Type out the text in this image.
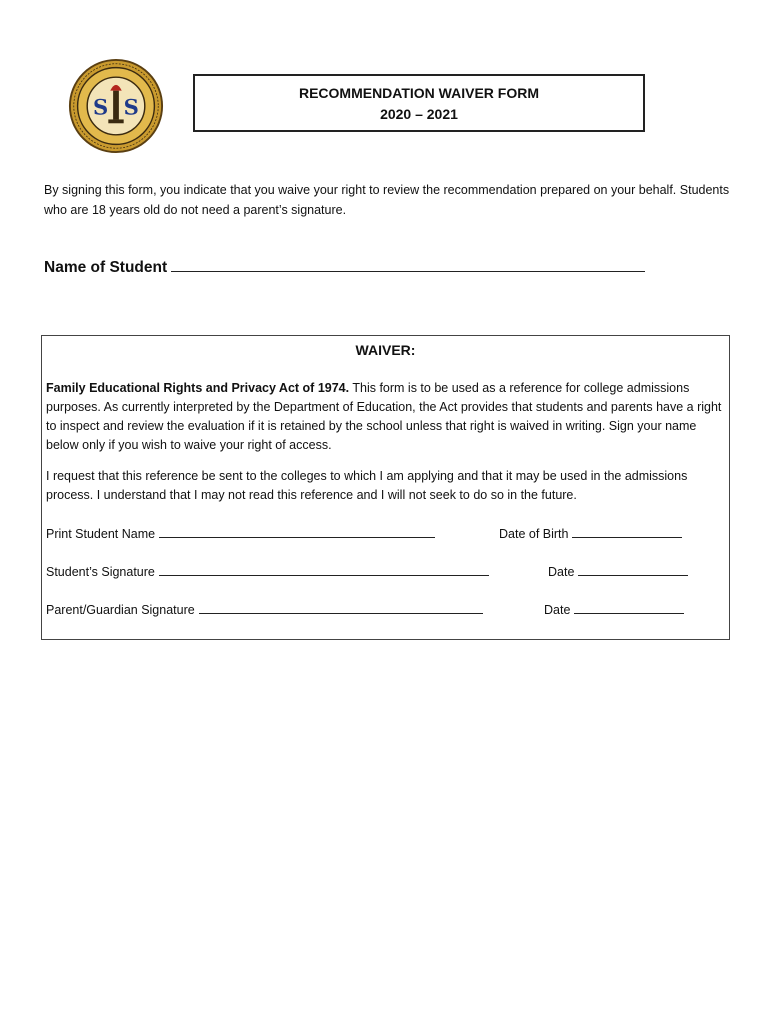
S S
RECOMMENDATION WAIVER FORM
2020 – 2021
By signing this form, you indicate that you waive your right to review the recommendation prepared on your behalf. Students who are 18 years old do not need a parent’s signature.
Name of Student
WAIVER:
Family Educational Rights and Privacy Act of 1974. This form is to be used as a reference for college admissions purposes. As currently interpreted by the Department of Education, the Act provides that students and parents have a right to inspect and review the evaluation if it is retained by the school unless that right is waived in writing. Sign your name below only if you wish to waive your right of access.
I request that this reference be sent to the colleges to which I am applying and that it may be used in the admissions process. I understand that I may not read this reference and I will not seek to do so in the future.
Print Student Name	Date of Birth
Student’s Signature	Date
Parent/Guardian Signature	Date
